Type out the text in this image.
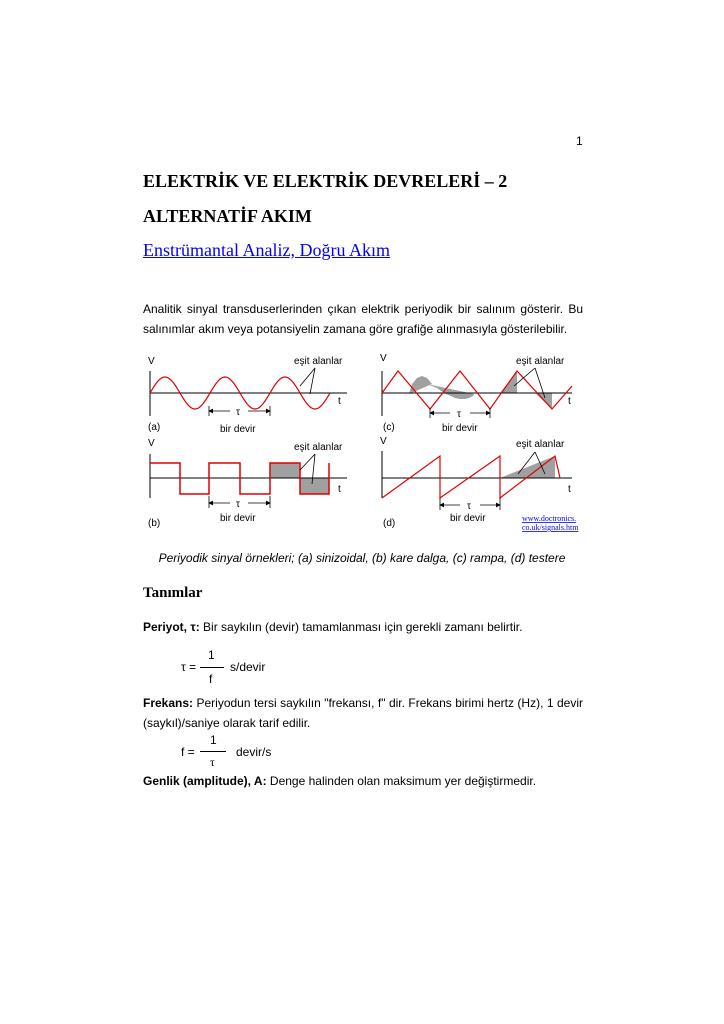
1
ELEKTRİK VE ELEKTRİK DEVRELERİ – 2
ALTERNATİF AKIM
Enstrümantal Analiz, Doğru Akım
Analitik sinyal transduserlerinden çıkan elektrik periyodik bir salınım gösterir. Bu salınımlar akım veya potansiyelin zamana göre grafiğe alınmasıyla gösterilebilir.
V
t
eşit alanlar
τ
bir devir
(a)
V
t
eşit alanlar
τ
bir devir
(b)
V
t
eşit alanlar
τ
bir devir
(c)
V
t
eşit alanlar
τ
bir devir
(d)	www.doctronics.
co.uk/signals.htm
Periyodik sinyal örnekleri; (a) sinizoidal, (b) kare dalga, (c) rampa, (d) testere
Tanımlar
Periyot, τ: Bir saykılın (devir) tamamlanması için gerekli zamanı belirtir.
τ =
1
f
s/devir
Frekans: Periyodun tersi saykılın "frekansı, f" dir. Frekans birimi hertz (Hz), 1 devir (saykıl)/saniye olarak tarif edilir.
f =
1
τ
devir/s
Genlik (amplitude), A: Denge halinden olan maksimum yer değiştirmedir.
